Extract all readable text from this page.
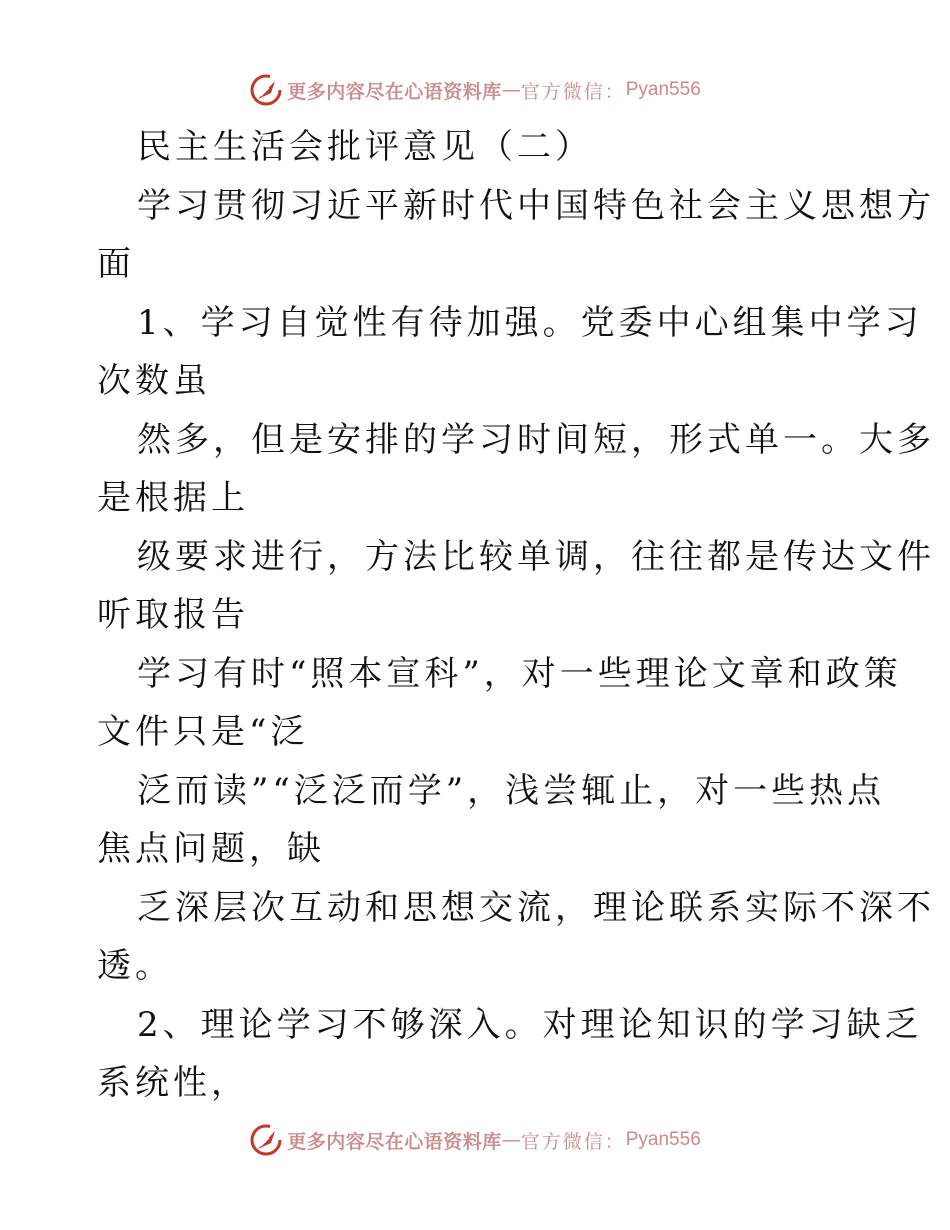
更多内容尽在心语资料库 — 官方微信： Pyan556
民主生活会批评意见（二）
学习贯彻习近平新时代中国特色社会主义思想方
面
1、学习自觉性有待加强。党委中心组集中学习
次数虽
然多，但是安排的学习时间短，形式单一。大多
是根据上
级要求进行，方法比较单调，往往都是传达文件
听取报告
学习有时“照本宣科”，对一些理论文章和政策
文件只是“泛
泛而读”“泛泛而学”，浅尝辄止，对一些热点
焦点问题，缺
乏深层次互动和思想交流，理论联系实际不深不
透。
2、理论学习不够深入。对理论知识的学习缺乏
系统性，
更多内容尽在心语资料库 — 官方微信： Pyan556
